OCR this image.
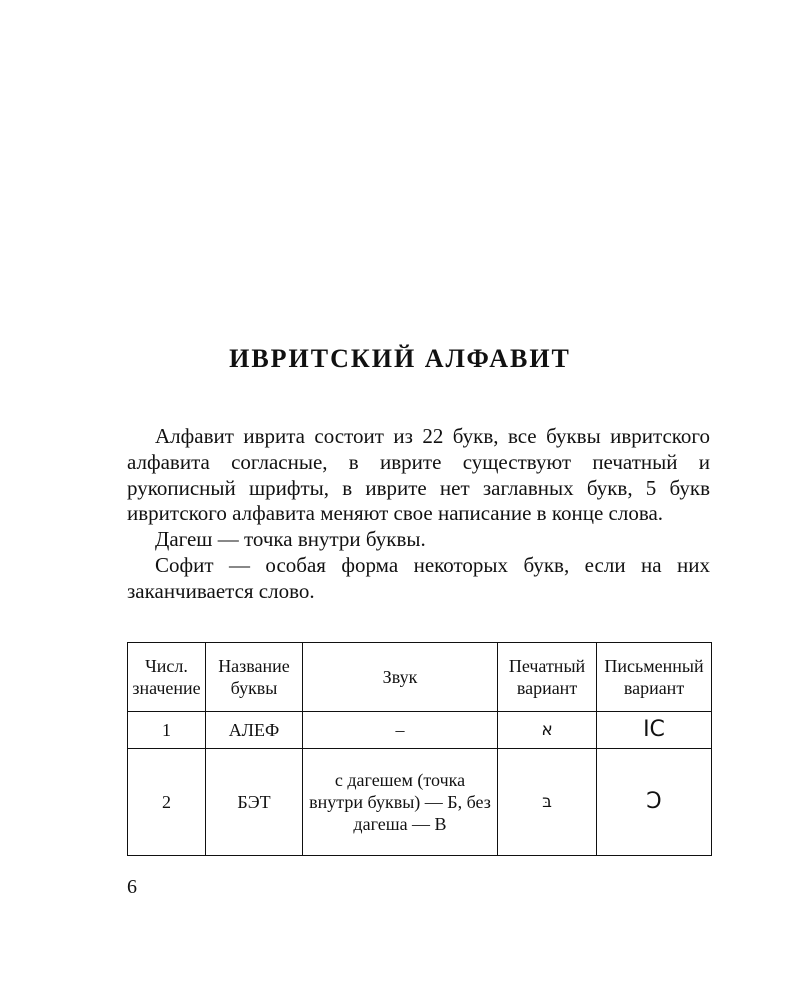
ИВРИТСКИЙ АЛФАВИТ

Алфавит иврита состоит из 22 букв, все буквы ивритского алфавита согласные, в иврите существуют печатный и рукописный шрифты, в иврите нет заглавных букв, 5 букв ивритского алфавита меняют свое написание в конце слова.

Дагеш — точка внутри буквы.

Софит — особая форма некоторых букв, если на них заканчивается слово.

Числ. значение	Название буквы	Звук	Печатный вариант	Письменный вариант
1	АЛЕФ	–	א	ⅠⅭ
2	БЭТ	с дагешем (точка внутри буквы) — Б, без дагеша — В	בּ	Ↄ
6
